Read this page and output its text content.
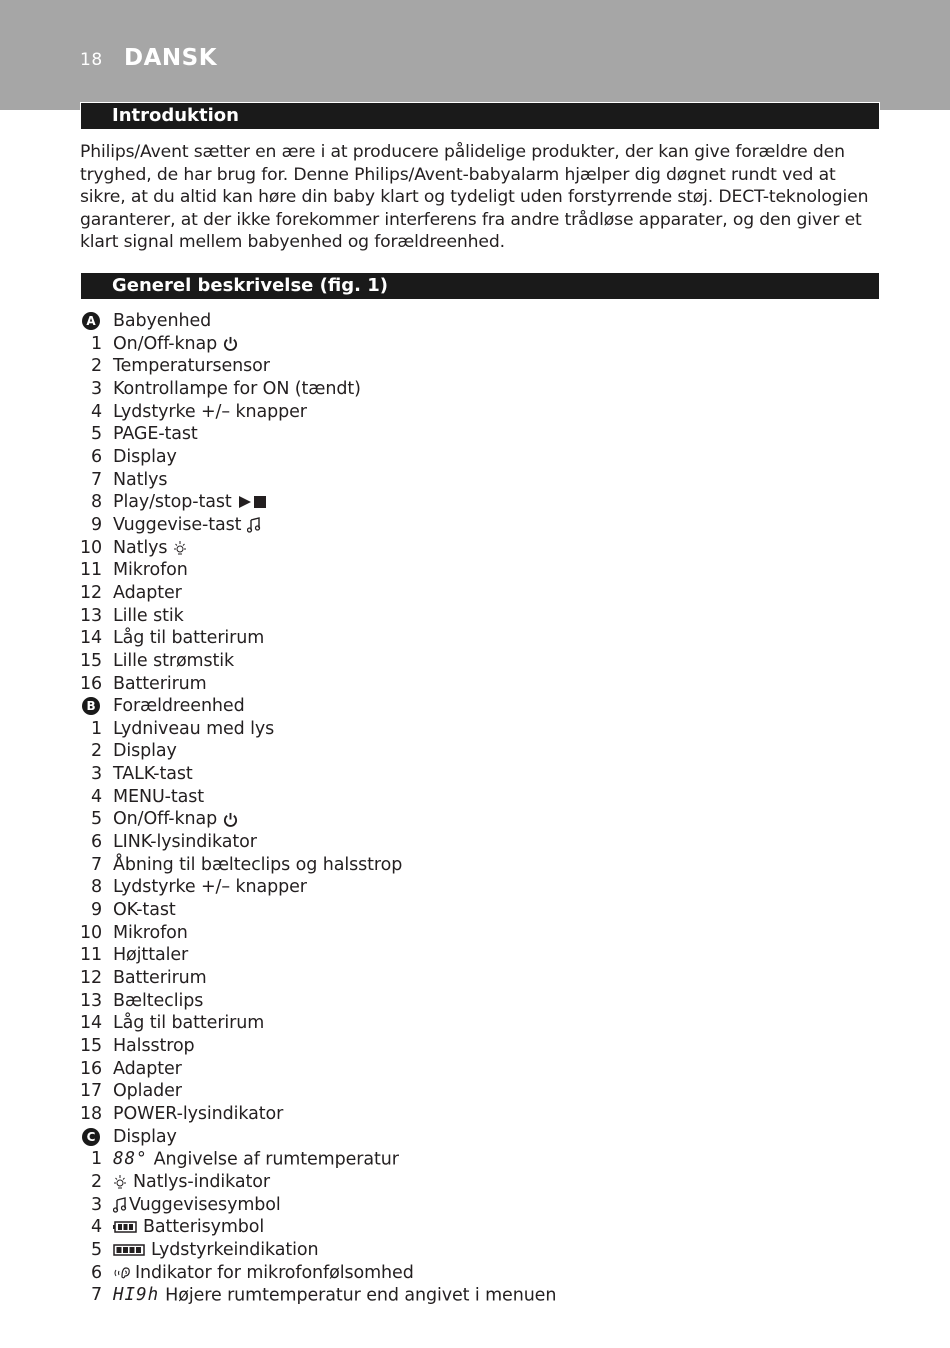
18 DANSK
Introduktion

Philips/Avent sætter en ære i at producere pålidelige produkter, der kan give forældre den tryghed, de har brug for. Denne Philips/Avent-babyalarm hjælper dig døgnet rundt ved at sikre, at du altid kan høre din baby klart og tydeligt uden forstyrrende støj. DECT-teknologien garanterer, at der ikke forekommer interferens fra andre trådløse apparater, og den giver et klart signal mellem babyenhed og forældreenhed.

Generel beskrivelse (fig. 1)
A Babyenhed
1 On/Off-knap
2 Temperatursensor
3 Kontrollampe for ON (tændt)
4 Lydstyrke +/– knapper
5 PAGE-tast
6 Display
7 Natlys
8 Play/stop-tast
9 Vuggevise-tast
10 Natlys
11 Mikrofon
12 Adapter
13 Lille stik
14 Låg til batterirum
15 Lille strømstik
16 Batterirum
B Forældreenhed
1 Lydniveau med lys
2 Display
3 TALK-tast
4 MENU-tast
5 On/Off-knap
6 LINK-lysindikator
7 Åbning til bælteclips og halsstrop
8 Lydstyrke +/– knapper
9 OK-tast
10 Mikrofon
11 Højttaler
12 Batterirum
13 Bælteclips
14 Låg til batterirum
15 Halsstrop
16 Adapter
17 Oplader
18 POWER-lysindikator
C Display
1 88° Angivelse af rumtemperatur
2	Natlys-indikator
3	Vuggevisesymbol
4	Batterisymbol
5	Lydstyrkeindikation
6	Indikator for mikrofonfølsomhed
7 HI9h Højere rumtemperatur end angivet i menuen
